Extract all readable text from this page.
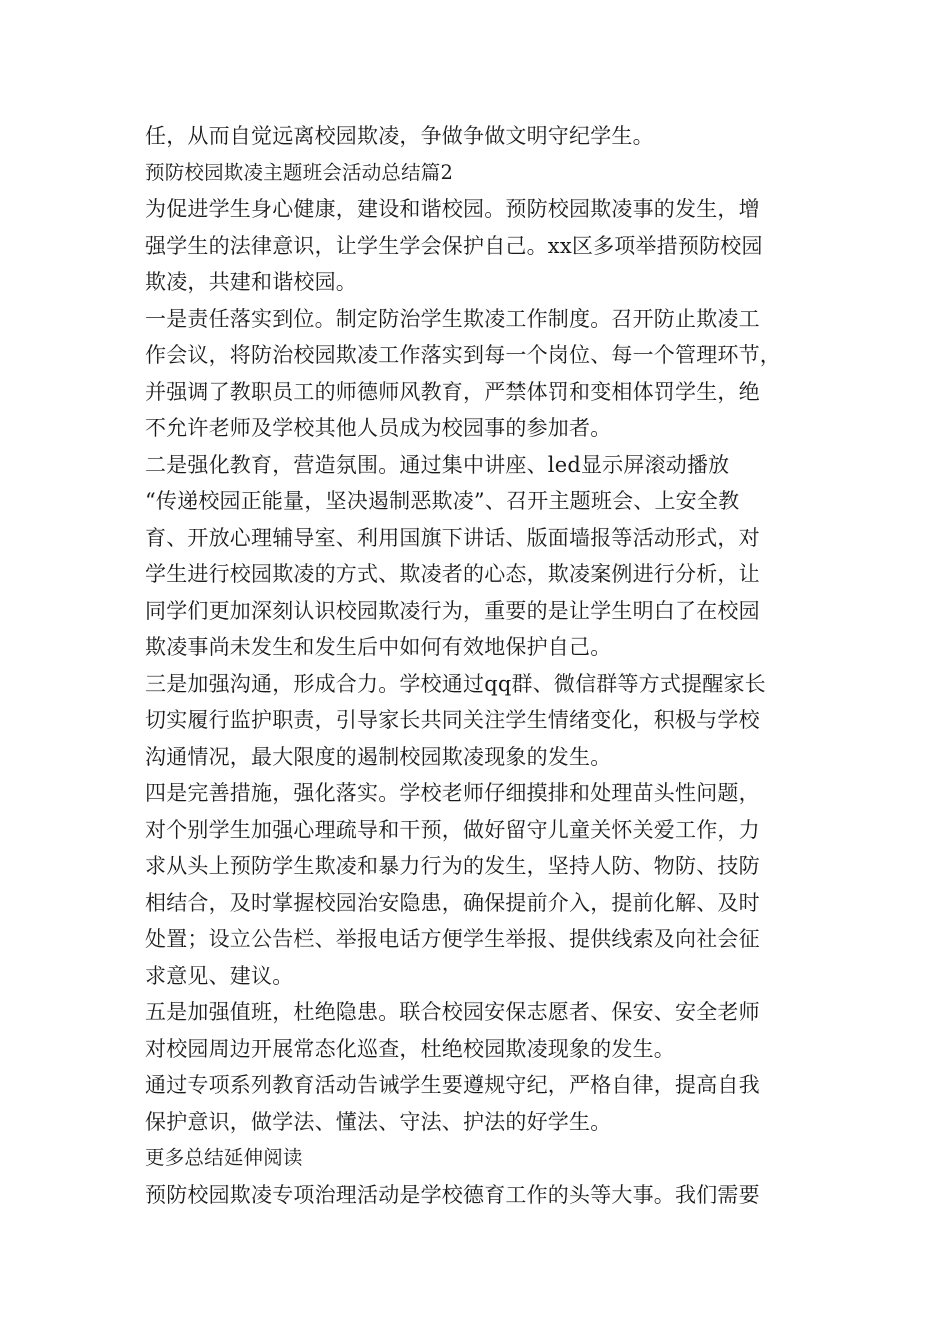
任，从而自觉远离校园欺凌，争做争做文明守纪学生。
预防校园欺凌主题班会活动总结篇2
为促进学生身心健康，建设和谐校园。预防校园欺凌事的发生，增
强学生的法律意识，让学生学会保护自己。xx区多项举措预防校园
欺凌，共建和谐校园。
一是责任落实到位。制定防治学生欺凌工作制度。召开防止欺凌工
作会议，将防治校园欺凌工作落实到每一个岗位、每一个管理环节，
并强调了教职员工的师德师风教育，严禁体罚和变相体罚学生，绝
不允许老师及学校其他人员成为校园事的参加者。
二是强化教育，营造氛围。通过集中讲座、led显示屏滚动播放
“传递校园正能量，坚决遏制恶欺凌”、召开主题班会、上安全教
育、开放心理辅导室、利用国旗下讲话、版面墙报等活动形式，对
学生进行校园欺凌的方式、欺凌者的心态，欺凌案例进行分析，让
同学们更加深刻认识校园欺凌行为，重要的是让学生明白了在校园
欺凌事尚未发生和发生后中如何有效地保护自己。
三是加强沟通，形成合力。学校通过qq群、微信群等方式提醒家长
切实履行监护职责，引导家长共同关注学生情绪变化，积极与学校
沟通情况，最大限度的遏制校园欺凌现象的发生。
四是完善措施，强化落实。学校老师仔细摸排和处理苗头性问题，
对个别学生加强心理疏导和干预，做好留守儿童关怀关爱工作，力
求从头上预防学生欺凌和暴力行为的发生，坚持人防、物防、技防
相结合，及时掌握校园治安隐患，确保提前介入，提前化解、及时
处置；设立公告栏、举报电话方便学生举报、提供线索及向社会征
求意见、建议。
五是加强值班，杜绝隐患。联合校园安保志愿者、保安、安全老师
对校园周边开展常态化巡查，杜绝校园欺凌现象的发生。
通过专项系列教育活动告诫学生要遵规守纪，严格自律，提高自我
保护意识，做学法、懂法、守法、护法的好学生。
更多总结延伸阅读
预防校园欺凌专项治理活动是学校德育工作的头等大事。我们需要
